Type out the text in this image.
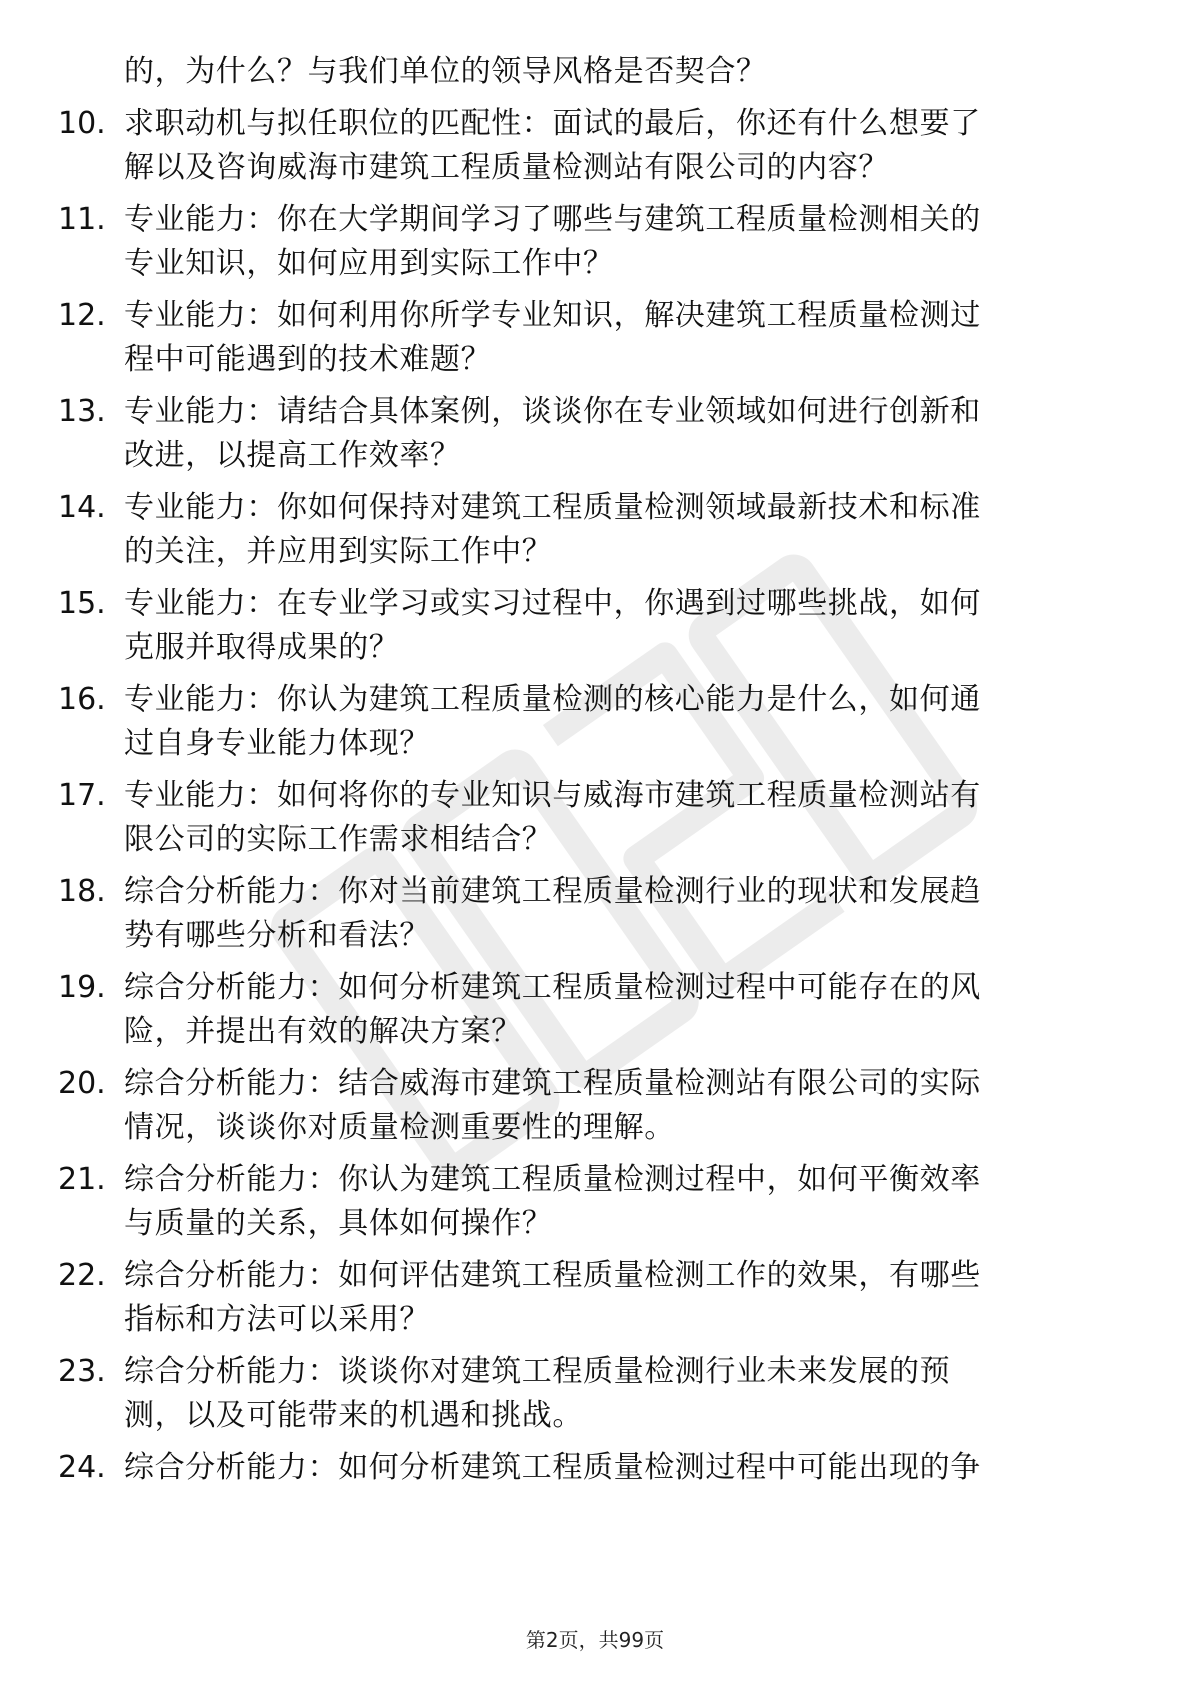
的，为什么？与我们单位的领导风格是否契合？
10. 求职动机与拟任职位的匹配性：面试的最后，你还有什么想要了
解以及咨询威海市建筑工程质量检测站有限公司的内容？
11. 专业能力：你在大学期间学习了哪些与建筑工程质量检测相关的
专业知识，如何应用到实际工作中？
12. 专业能力：如何利用你所学专业知识，解决建筑工程质量检测过
程中可能遇到的技术难题？
13. 专业能力：请结合具体案例，谈谈你在专业领域如何进行创新和
改进，以提高工作效率？
14. 专业能力：你如何保持对建筑工程质量检测领域最新技术和标准
的关注，并应用到实际工作中？
15. 专业能力：在专业学习或实习过程中，你遇到过哪些挑战，如何
克服并取得成果的？
16. 专业能力：你认为建筑工程质量检测的核心能力是什么，如何通
过自身专业能力体现？
17. 专业能力：如何将你的专业知识与威海市建筑工程质量检测站有
限公司的实际工作需求相结合？
18. 综合分析能力：你对当前建筑工程质量检测行业的现状和发展趋
势有哪些分析和看法？
19. 综合分析能力：如何分析建筑工程质量检测过程中可能存在的风
险，并提出有效的解决方案？
20. 综合分析能力：结合威海市建筑工程质量检测站有限公司的实际
情况，谈谈你对质量检测重要性的理解。
21. 综合分析能力：你认为建筑工程质量检测过程中，如何平衡效率
与质量的关系，具体如何操作？
22. 综合分析能力：如何评估建筑工程质量检测工作的效果，有哪些
指标和方法可以采用？
23. 综合分析能力：谈谈你对建筑工程质量检测行业未来发展的预
测，以及可能带来的机遇和挑战。
24. 综合分析能力：如何分析建筑工程质量检测过程中可能出现的争
第2页，共99页
